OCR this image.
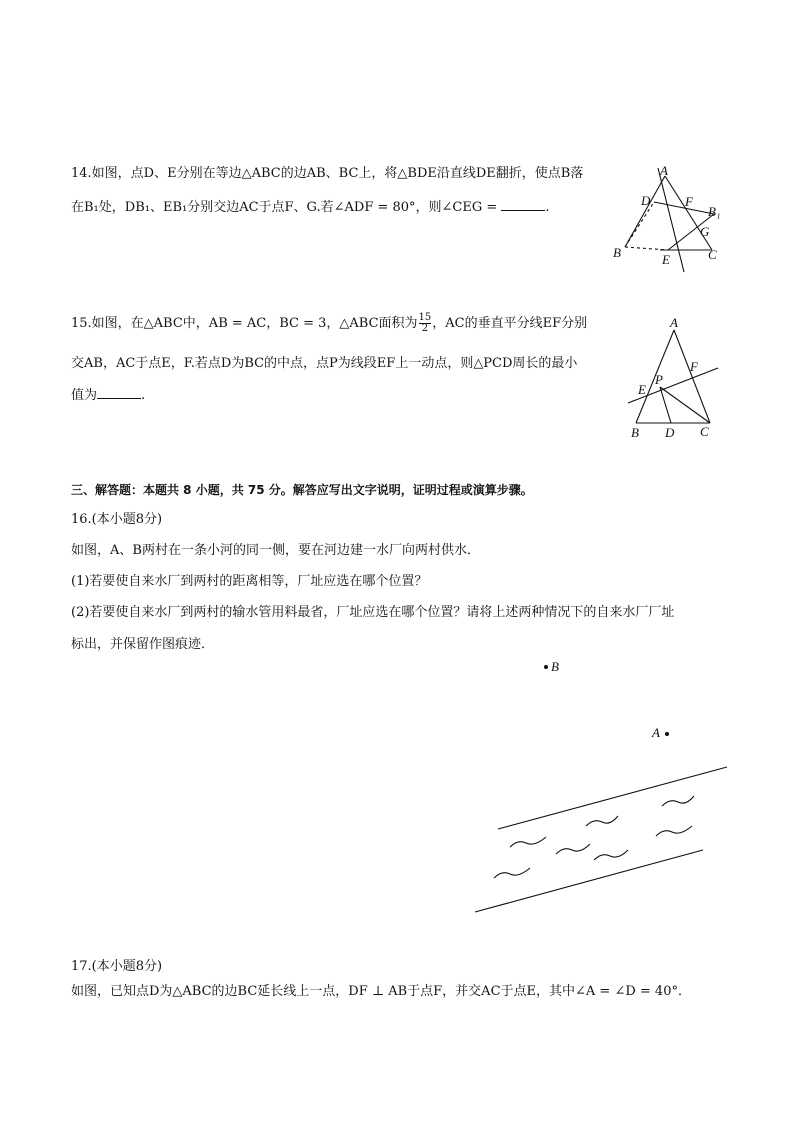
14.如图，点D、E分别在等边△ABC的边AB、BC上，将△BDE沿直线DE翻折，使点B落
在B₁处，DB₁、EB₁分别交边AC于点F、G.若∠ADF = 80°，则∠CEG =	.
A
D	F
B₁
G
B	E	C
15.如图，在△ABC中，AB = AC，BC = 3，△ABC面积为 $\frac{15}{2}$ ，AC的垂直平分线EF分别
交AB，AC于点E，F.若点D为BC的中点，点P为线段EF上一动点，则△PCD周长的最小
值为	.
A
F
E
P
B D C
三、解答题：本题共 8 小题，共 75 分。解答应写出文字说明，证明过程或演算步骤。
16.(本小题8分)
如图，A、B两村在一条小河的同一侧，要在河边建一水厂向两村供水．
(1)若要使自来水厂到两村的距离相等，厂址应选在哪个位置？
(2)若要使自来水厂到两村的输水管用料最省，厂址应选在哪个位置？请将上述两种情况下的自来水厂厂址
标出，并保留作图痕迹．
B
A
17.(本小题8分)
如图，已知点D为△ABC的边BC延长线上一点，DF ⊥ AB于点F，并交AC于点E，其中∠A = ∠D = 40°．
